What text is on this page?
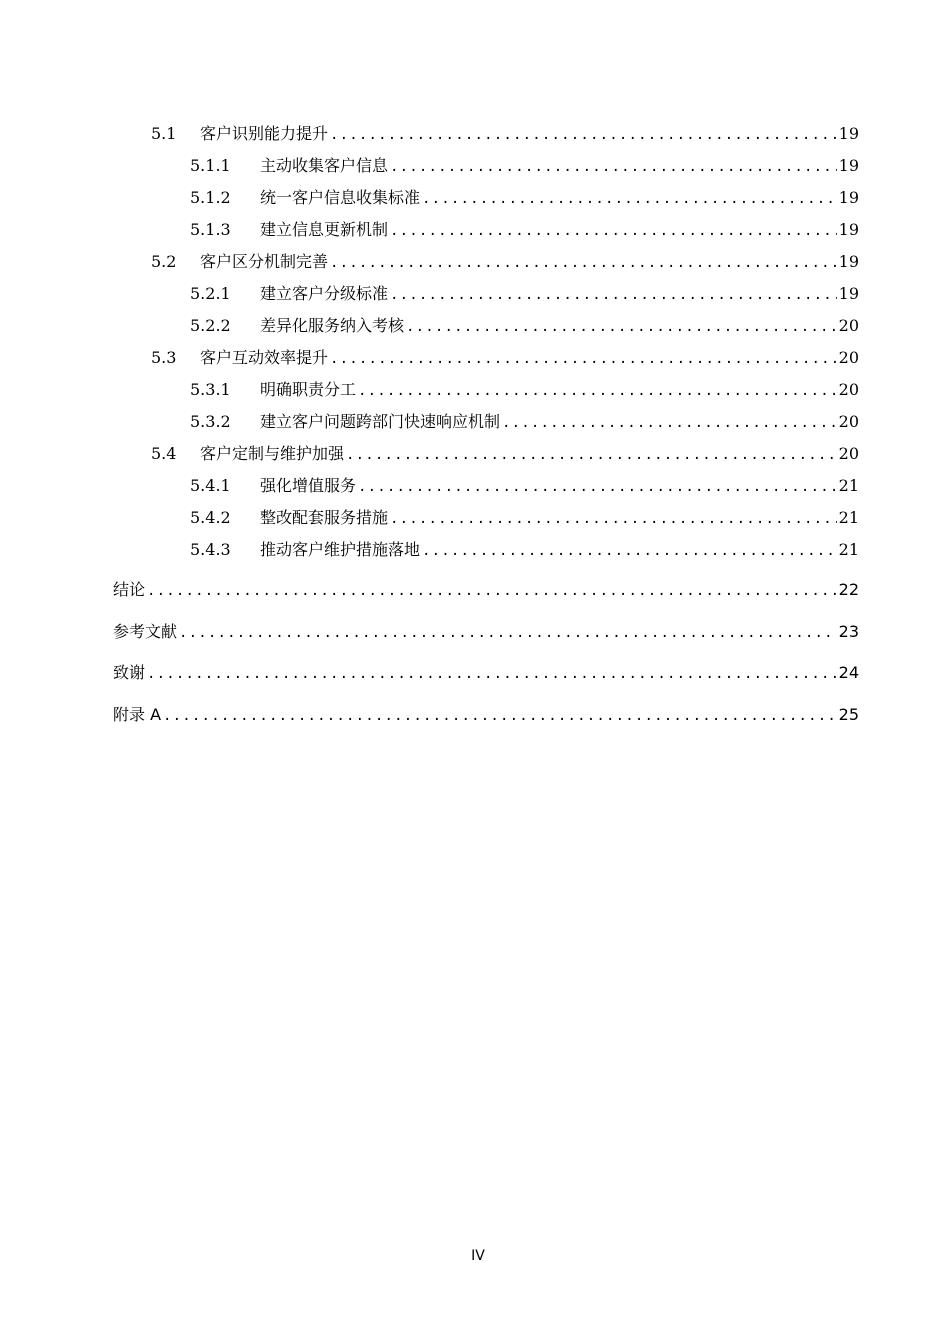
5.1	客户识别能力提升 .....	19
5.1.1	主动收集客户信息 .....	19
5.1.2	统一客户信息收集标准 .....	19
5.1.3	建立信息更新机制 .....	19
5.2	客户区分机制完善 .....	19
5.2.1	建立客户分级标准 .....	19
5.2.2	差异化服务纳入考核 .....	20
5.3	客户互动效率提升 .....	20
5.3.1	明确职责分工 .....	20
5.3.2	建立客户问题跨部门快速响应机制 .....	20
5.4	客户定制与维护加强 .....	20
5.4.1	强化增值服务 .....	21
5.4.2	整改配套服务措施 .....	21
5.4.3	推动客户维护措施落地 .....	21
结论 .....	22
参考文献 .....	23
致谢 .....	24
附录 A .....	25
IV
